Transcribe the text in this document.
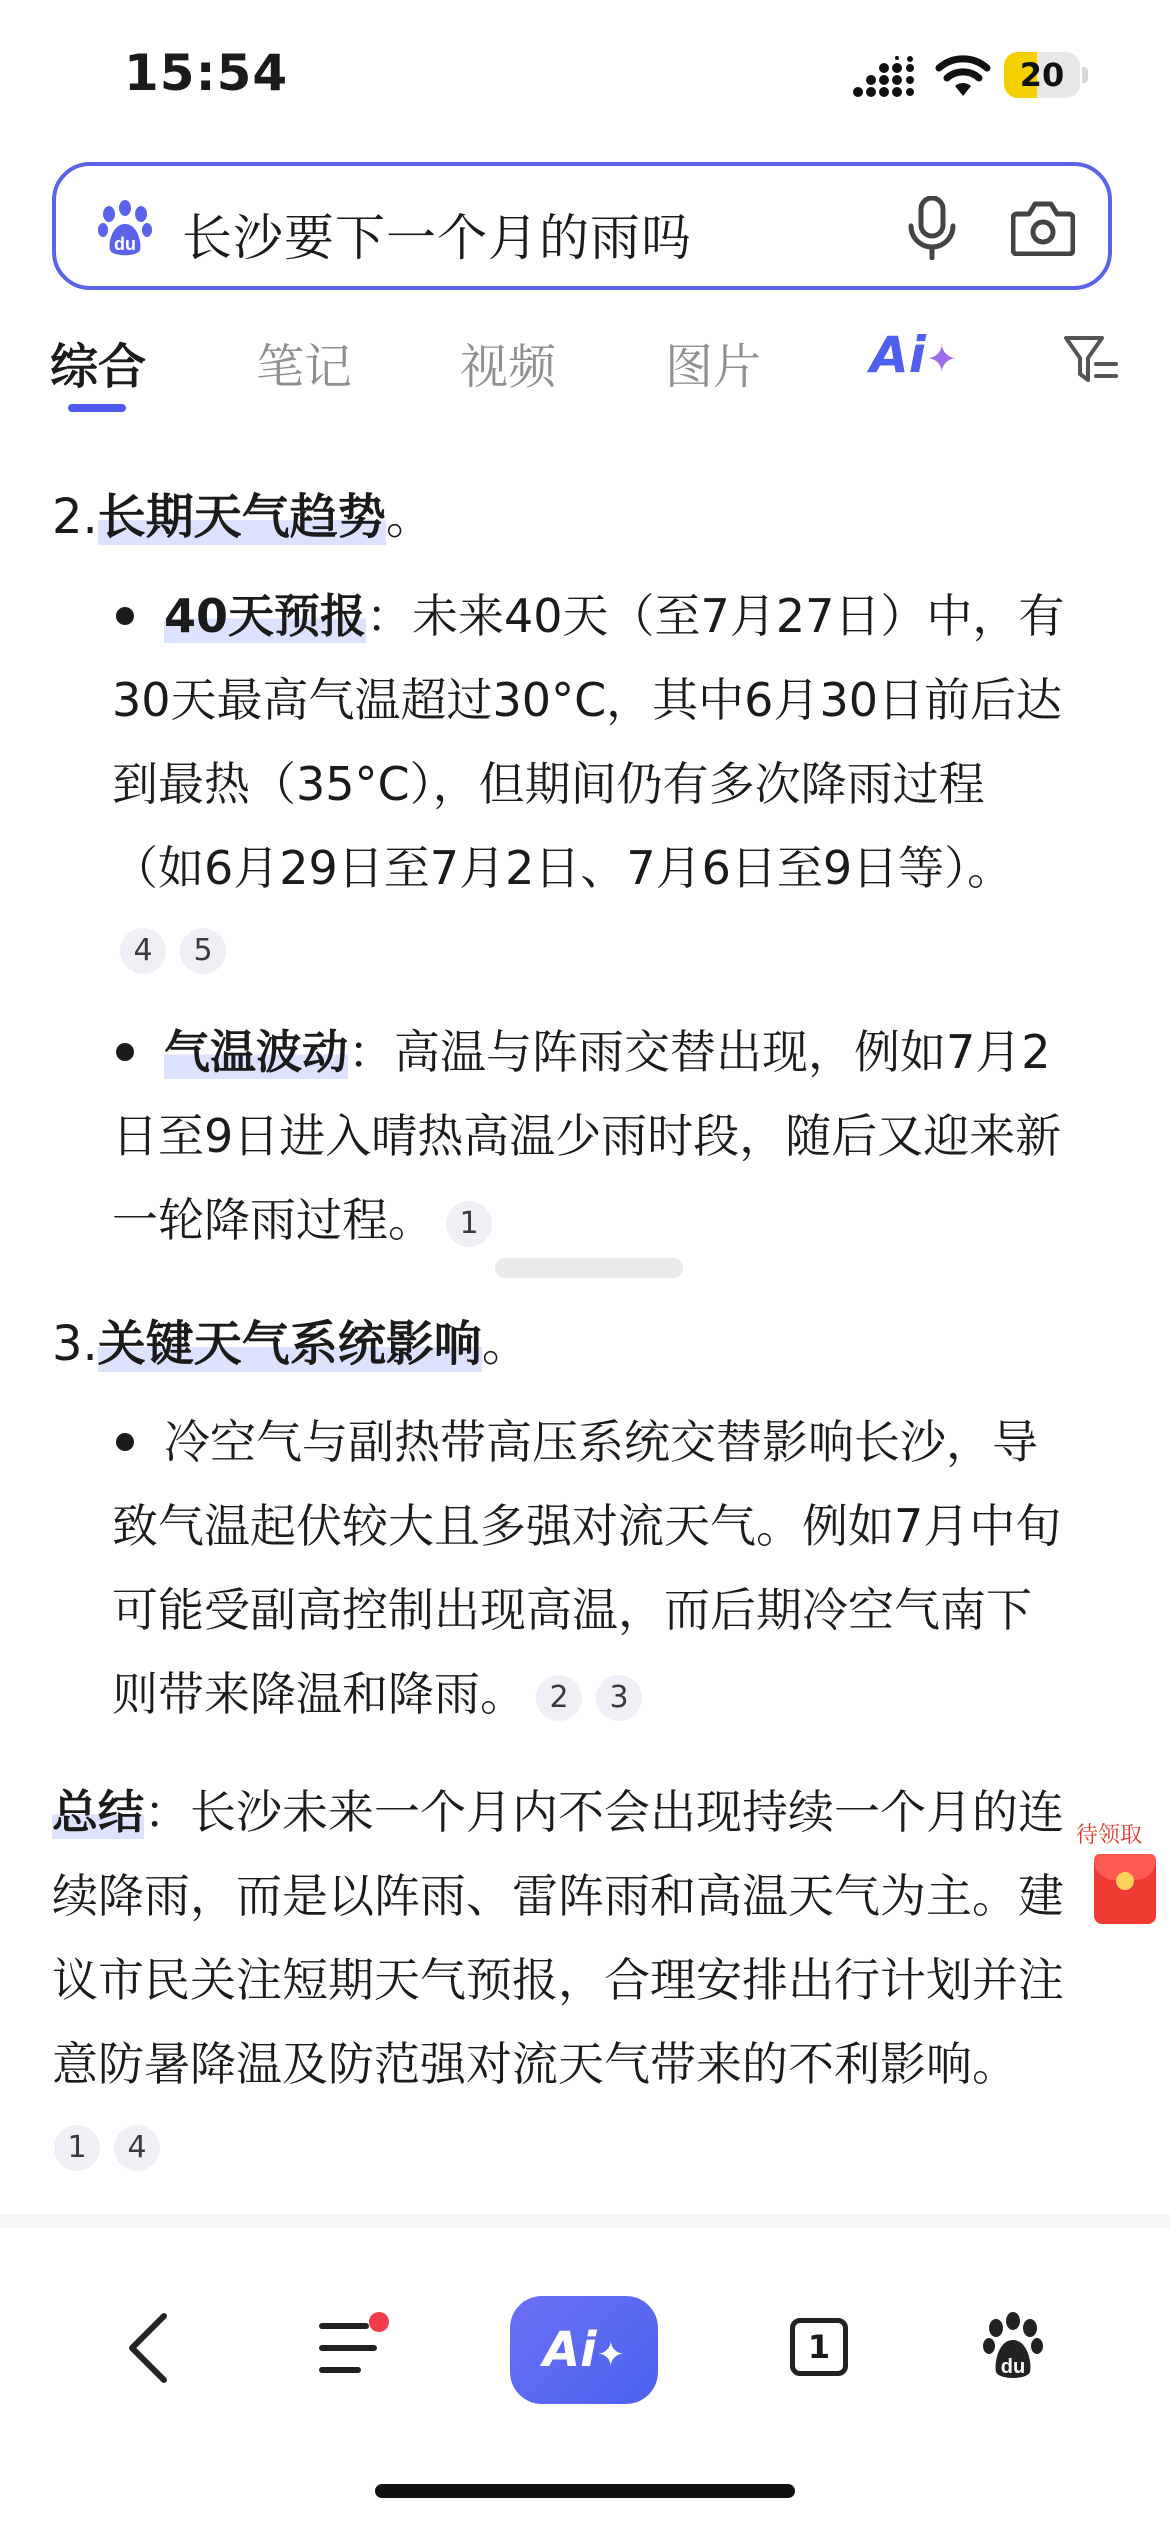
15:54	20
du 长沙要下一个月的雨吗
综合 笔记 视频 图片 Ai✦
2.长期天气趋势。
40天预报：未来40天（至7月27日）中，有
30天最高气温超过30°C，其中6月30日前后达
到最热（35°C），但期间仍有多次降雨过程
（如6月29日至7月2日、7月6日至9日等）。
4 5
气温波动：高温与阵雨交替出现，例如7月2
日至9日进入晴热高温少雨时段，随后又迎来新
一轮降雨过程。 1
3.关键天气系统影响。
冷空气与副热带高压系统交替影响长沙，导
致气温起伏较大且多强对流天气。例如7月中旬
可能受副高控制出现高温，而后期冷空气南下
则带来降温和降雨。 2 3
总结：长沙未来一个月内不会出现持续一个月的连
续降雨，而是以阵雨、雷阵雨和高温天气为主。建
议市民关注短期天气预报，合理安排出行计划并注
意防暑降温及防范强对流天气带来的不利影响。
1 4
待领取
Ai✦	1
du
